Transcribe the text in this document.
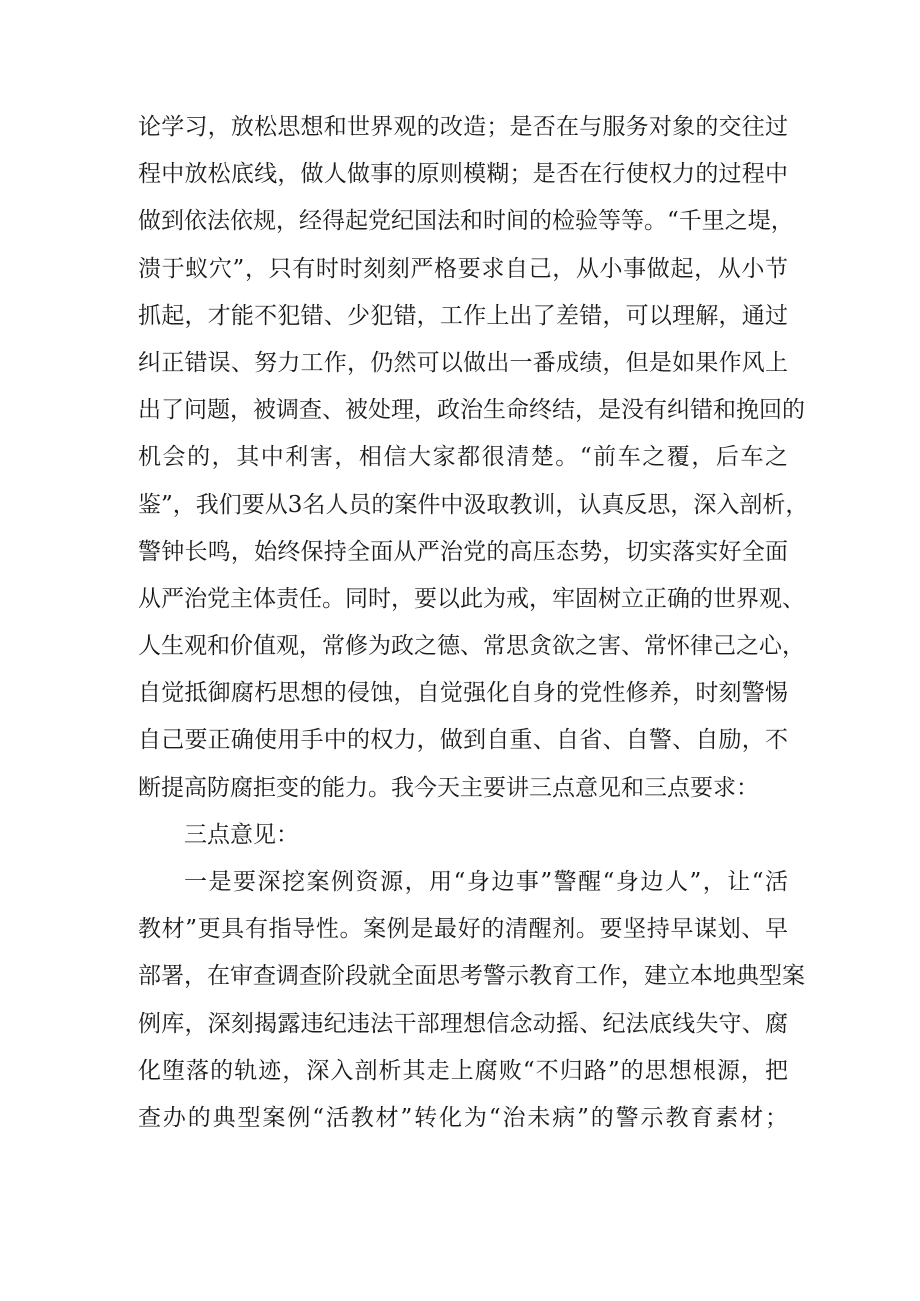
论学习，放松思想和世界观的改造；是否在与服务对象的交往过
程中放松底线，做人做事的原则模糊；是否在行使权力的过程中
做到依法依规，经得起党纪国法和时间的检验等等。“千里之堤，
溃于蚁穴”，只有时时刻刻严格要求自己，从小事做起，从小节
抓起，才能不犯错、少犯错，工作上出了差错，可以理解，通过
纠正错误、努力工作，仍然可以做出一番成绩，但是如果作风上
出了问题，被调查、被处理，政治生命终结，是没有纠错和挽回的
机会的，其中利害，相信大家都很清楚。“前车之覆，后车之
鉴”，我们要从3名人员的案件中汲取教训，认真反思，深入剖析，
警钟长鸣，始终保持全面从严治党的高压态势，切实落实好全面
从严治党主体责任。同时，要以此为戒，牢固树立正确的世界观、
人生观和价值观，常修为政之德、常思贪欲之害、常怀律己之心，
自觉抵御腐朽思想的侵蚀，自觉强化自身的党性修养，时刻警惕
自己要正确使用手中的权力，做到自重、自省、自警、自励，不
断提高防腐拒变的能力。我今天主要讲三点意见和三点要求：
三点意见：
一是要深挖案例资源，用“身边事”警醒“身边人”，让“活
教材”更具有指导性。案例是最好的清醒剂。要坚持早谋划、早
部署，在审查调查阶段就全面思考警示教育工作，建立本地典型案
例库，深刻揭露违纪违法干部理想信念动摇、纪法底线失守、腐
化堕落的轨迹，深入剖析其走上腐败“不归路”的思想根源，把
查办的典型案例“活教材”转化为“治未病”的警示教育素材；
